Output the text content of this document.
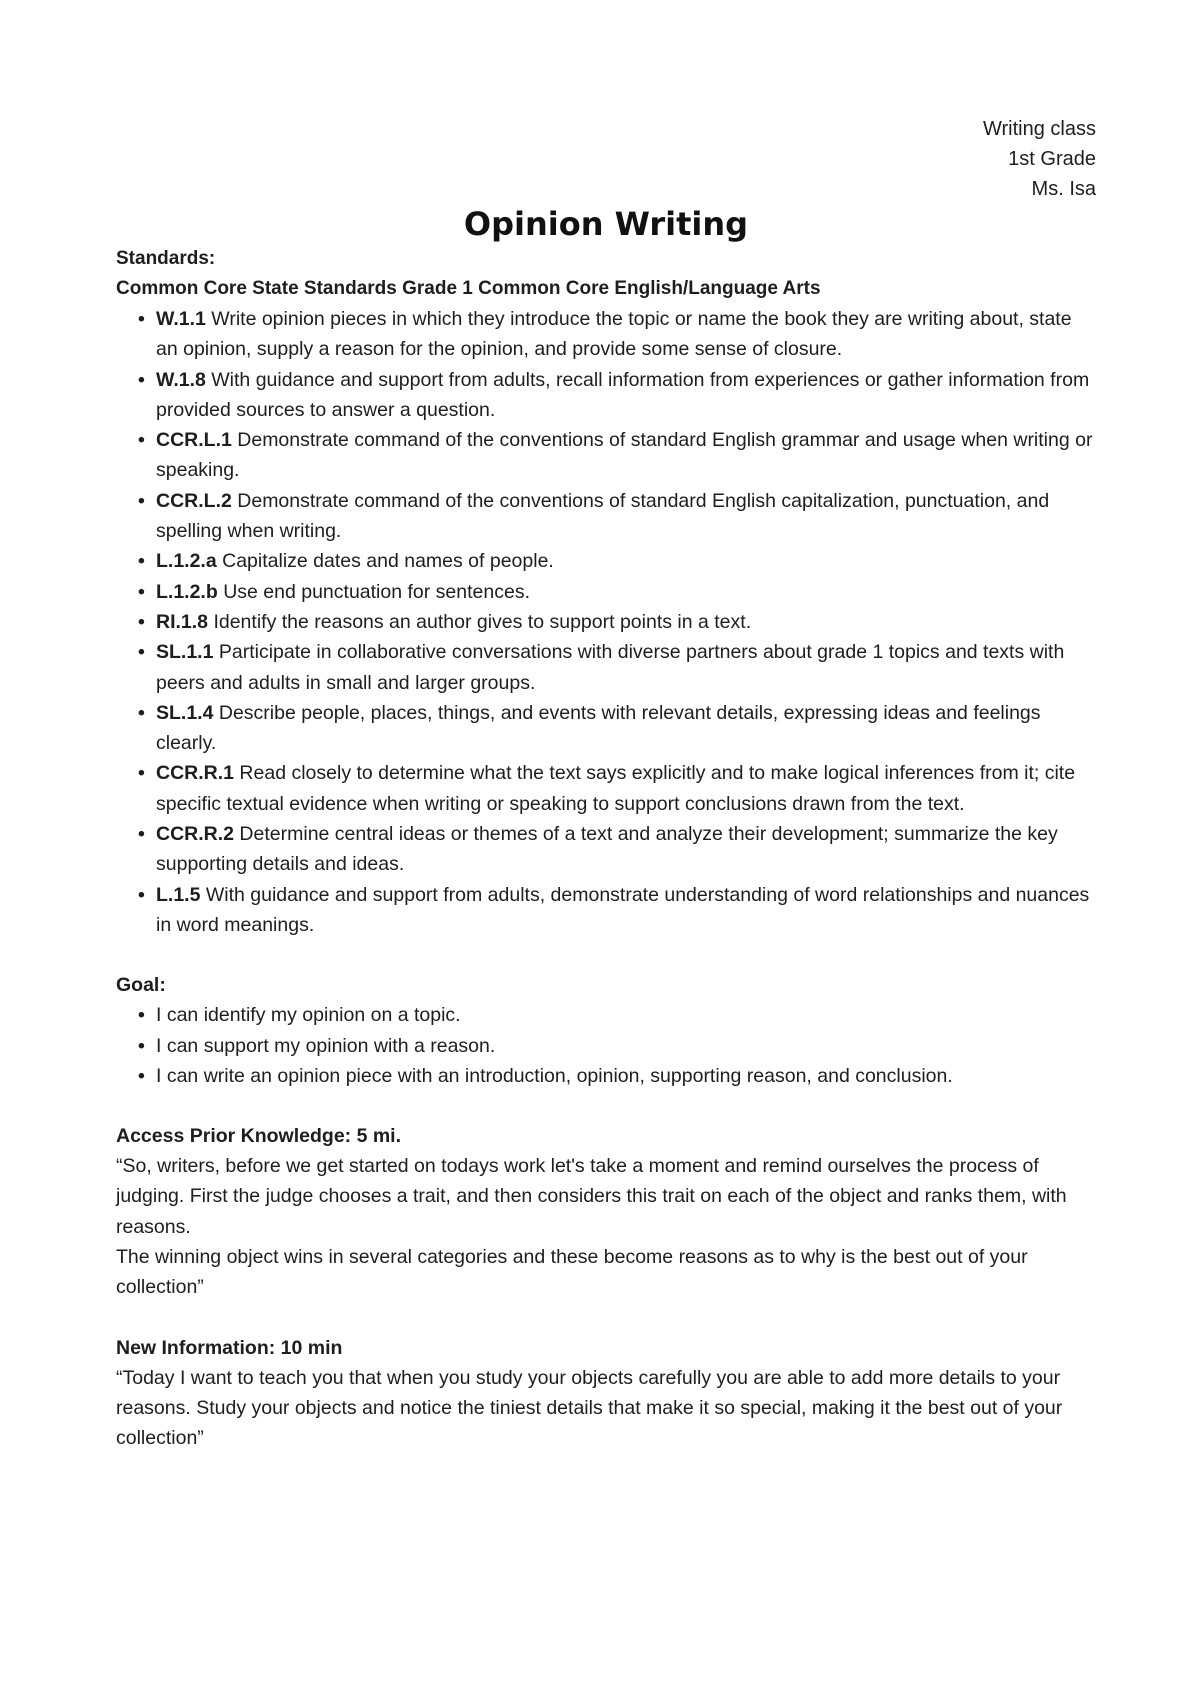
Writing class
1st Grade
Ms. Isa
Opinion Writing
Standards:
Common Core State Standards Grade 1 Common Core English/Language Arts
• W.1.1 Write opinion pieces in which they introduce the topic or name the book they are writing about, state an opinion, supply a reason for the opinion, and provide some sense of closure.
• W.1.8 With guidance and support from adults, recall information from experiences or gather information from provided sources to answer a question.
• CCR.L.1 Demonstrate command of the conventions of standard English grammar and usage when writing or speaking.
• CCR.L.2 Demonstrate command of the conventions of standard English capitalization, punctuation, and spelling when writing.
• L.1.2.a Capitalize dates and names of people.
• L.1.2.b Use end punctuation for sentences.
• RI.1.8 Identify the reasons an author gives to support points in a text.
• SL.1.1 Participate in collaborative conversations with diverse partners about grade 1 topics and texts with peers and adults in small and larger groups.
• SL.1.4 Describe people, places, things, and events with relevant details, expressing ideas and feelings clearly.
• CCR.R.1 Read closely to determine what the text says explicitly and to make logical inferences from it; cite specific textual evidence when writing or speaking to support conclusions drawn from the text.
• CCR.R.2 Determine central ideas or themes of a text and analyze their development; summarize the key supporting details and ideas.
• L.1.5 With guidance and support from adults, demonstrate understanding of word relationships and nuances in word meanings.
Goal:
• I can identify my opinion on a topic.
• I can support my opinion with a reason.
• I can write an opinion piece with an introduction, opinion, supporting reason, and conclusion.
Access Prior Knowledge: 5 mi.
“So, writers, before we get started on todays work let's take a moment and remind ourselves the process of judging. First the judge chooses a trait, and then considers this trait on each of the object and ranks them, with reasons.
The winning object wins in several categories and these become reasons as to why is the best out of your collection”
New Information: 10 min
“Today I want to teach you that when you study your objects carefully you are able to add more details to your reasons. Study your objects and notice the tiniest details that make it so special, making it the best out of your collection”
